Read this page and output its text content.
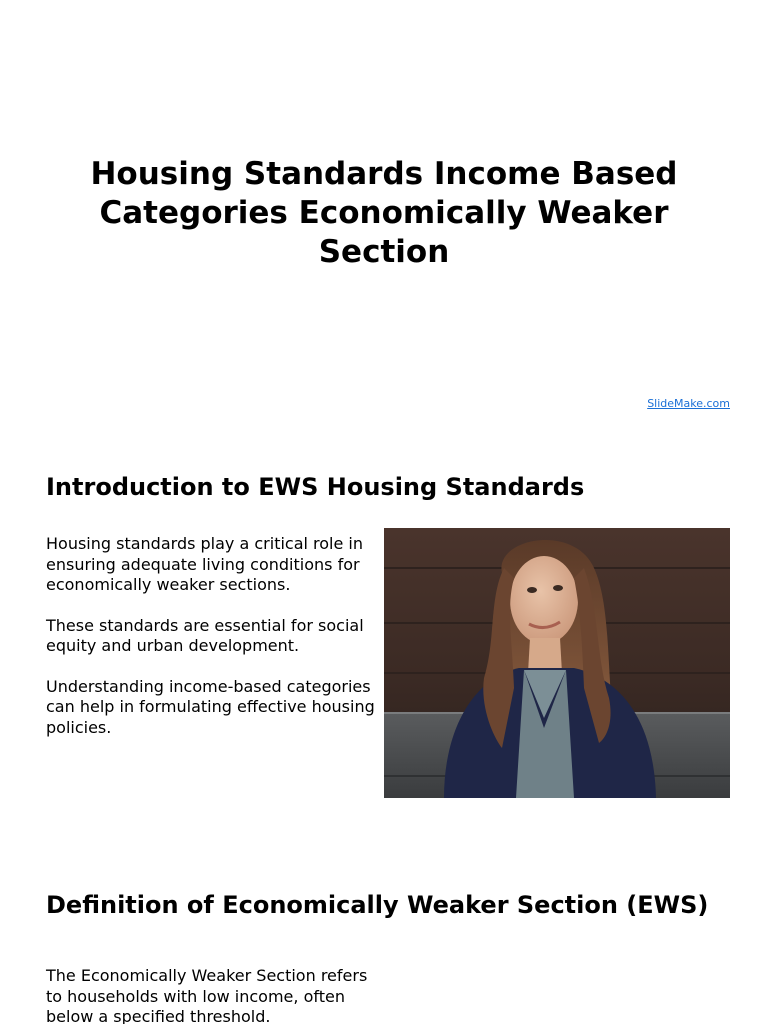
Housing Standards Income Based Categories Economically Weaker Section
SlideMake.com
Introduction to EWS Housing Standards

Housing standards play a critical role in ensuring adequate living conditions for economically weaker sections.

These standards are essential for social equity and urban development.

Understanding income-based categories can help in formulating effective housing policies.

Definition of Economically Weaker Section (EWS)

The Economically Weaker Section refers to households with low income, often below a specified threshold.
